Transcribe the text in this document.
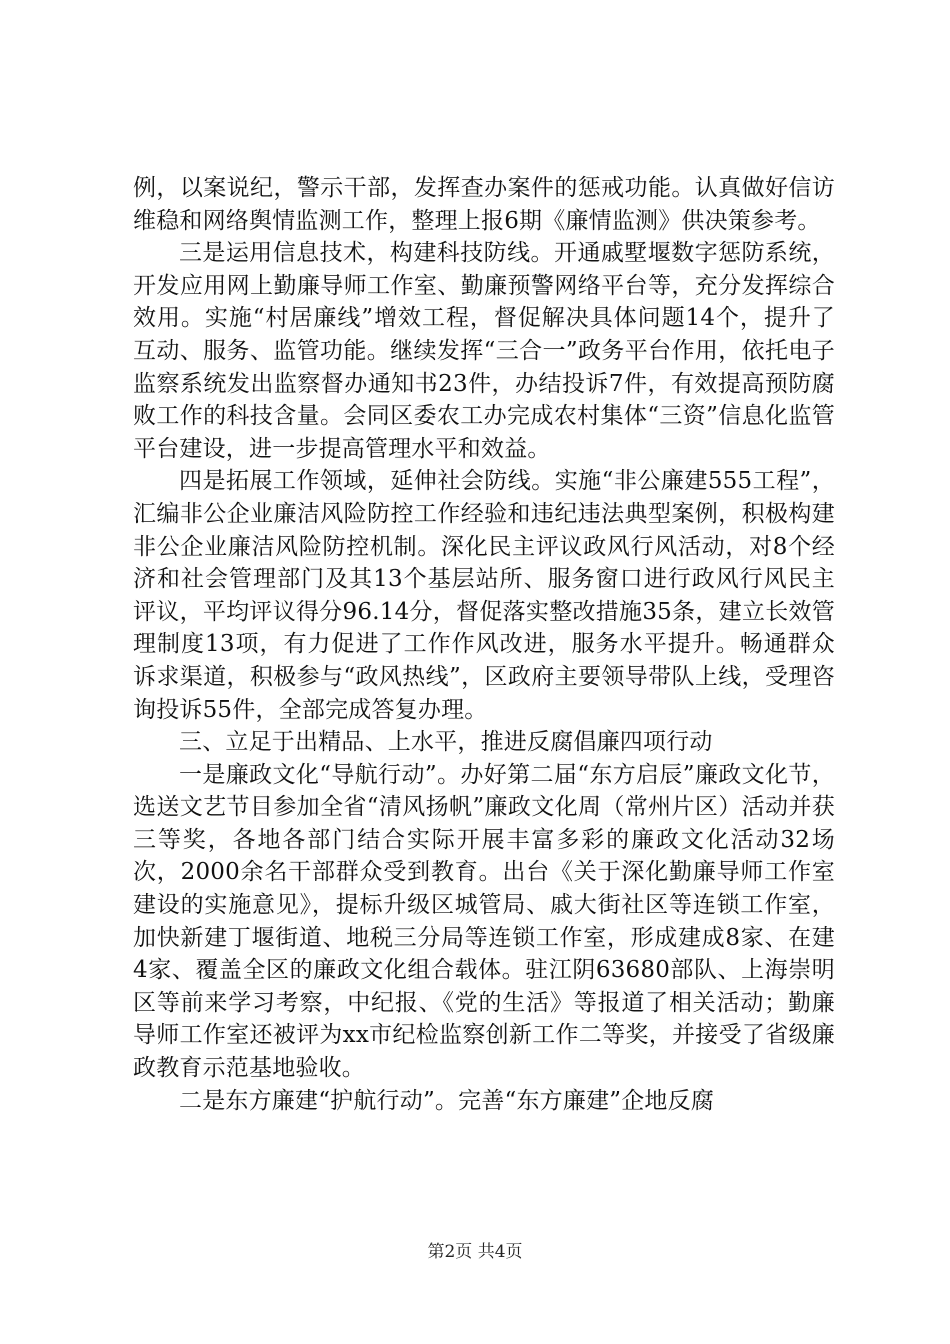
例，以案说纪，警示干部，发挥查办案件的惩戒功能。认真做好信访维稳和网络舆情监测工作，整理上报6期《廉情监测》供决策参考。

三是运用信息技术，构建科技防线。开通戚墅堰数字惩防系统，开发应用网上勤廉导师工作室、勤廉预警网络平台等，充分发挥综合效用。实施“村居廉线”增效工程，督促解决具体问题14个，提升了互动、服务、监管功能。继续发挥“三合一”政务平台作用，依托电子监察系统发出监察督办通知书23件，办结投诉7件，有效提高预防腐败工作的科技含量。会同区委农工办完成农村集体“三资”信息化监管平台建设，进一步提高管理水平和效益。

四是拓展工作领域，延伸社会防线。实施“非公廉建555工程”，汇编非公企业廉洁风险防控工作经验和违纪违法典型案例，积极构建非公企业廉洁风险防控机制。深化民主评议政风行风活动，对8个经济和社会管理部门及其13个基层站所、服务窗口进行政风行风民主评议，平均评议得分96.14分，督促落实整改措施35条，建立长效管理制度13项，有力促进了工作作风改进，服务水平提升。畅通群众诉求渠道，积极参与“政风热线”，区政府主要领导带队上线，受理咨询投诉55件，全部完成答复办理。

三、立足于出精品、上水平，推进反腐倡廉四项行动

一是廉政文化“导航行动”。办好第二届“东方启辰”廉政文化节，选送文艺节目参加全省“清风扬帆”廉政文化周（常州片区）活动并获三等奖，各地各部门结合实际开展丰富多彩的廉政文化活动32场次，2000余名干部群众受到教育。出台《关于深化勤廉导师工作室建设的实施意见》，提标升级区城管局、戚大街社区等连锁工作室，加快新建丁堰街道、地税三分局等连锁工作室，形成建成8家、在建4家、覆盖全区的廉政文化组合载体。驻江阴63680部队、上海崇明区等前来学习考察，中纪报、《党的生活》等报道了相关活动；勤廉导师工作室还被评为xx市纪检监察创新工作二等奖，并接受了省级廉政教育示范基地验收。

二是东方廉建“护航行动”。完善“东方廉建”企地反腐

第2页 共4页
